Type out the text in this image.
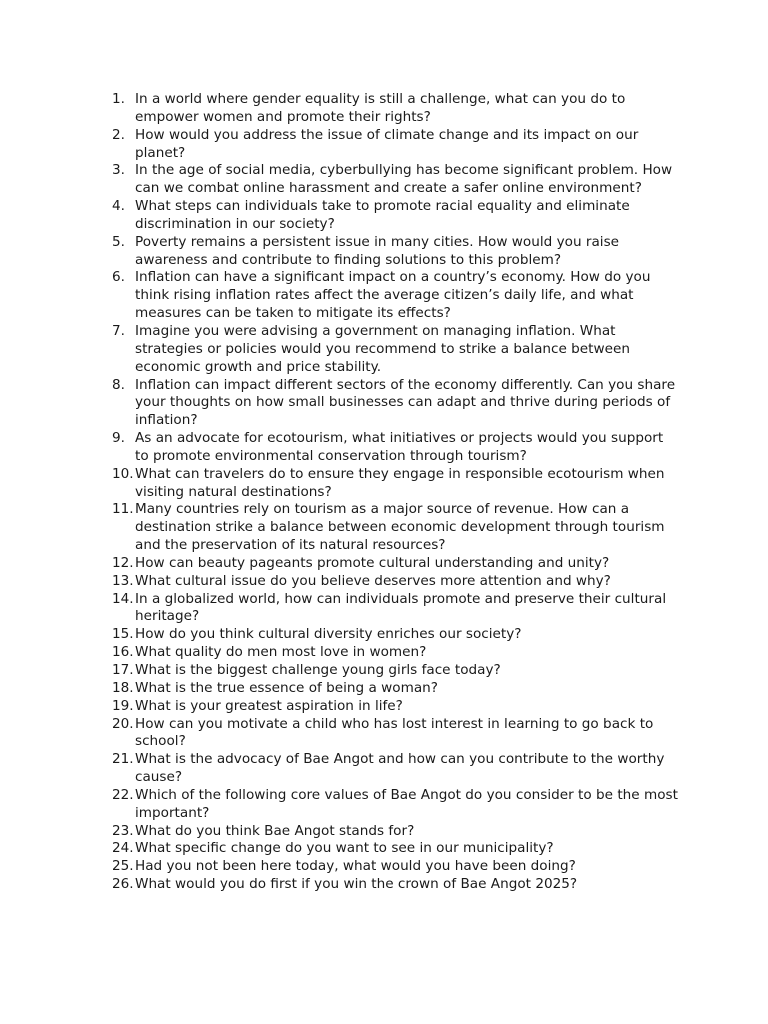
1. In a world where gender equality is still a challenge, what can you do to empower women and promote their rights?
2. How would you address the issue of climate change and its impact on our planet?
3. In the age of social media, cyberbullying has become significant problem. How can we combat online harassment and create a safer online environment?
4. What steps can individuals take to promote racial equality and eliminate discrimination in our society?
5. Poverty remains a persistent issue in many cities. How would you raise awareness and contribute to finding solutions to this problem?
6. Inflation can have a significant impact on a country’s economy. How do you think rising inflation rates affect the average citizen’s daily life, and what measures can be taken to mitigate its effects?
7. Imagine you were advising a government on managing inflation. What strategies or policies would you recommend to strike a balance between economic growth and price stability.
8. Inflation can impact different sectors of the economy differently. Can you share your thoughts on how small businesses can adapt and thrive during periods of inflation?
9. As an advocate for ecotourism, what initiatives or projects would you support to promote environmental conservation through tourism?
10. What can travelers do to ensure they engage in responsible ecotourism when visiting natural destinations?
11. Many countries rely on tourism as a major source of revenue. How can a destination strike a balance between economic development through tourism and the preservation of its natural resources?
12. How can beauty pageants promote cultural understanding and unity?
13. What cultural issue do you believe deserves more attention and why?
14. In a globalized world, how can individuals promote and preserve their cultural heritage?
15. How do you think cultural diversity enriches our society?
16. What quality do men most love in women?
17. What is the biggest challenge young girls face today?
18. What is the true essence of being a woman?
19. What is your greatest aspiration in life?
20. How can you motivate a child who has lost interest in learning to go back to school?
21. What is the advocacy of Bae Angot and how can you contribute to the worthy cause?
22. Which of the following core values of Bae Angot do you consider to be the most important?
23. What do you think Bae Angot stands for?
24. What specific change do you want to see in our municipality?
25. Had you not been here today, what would you have been doing?
26. What would you do first if you win the crown of Bae Angot 2025?
